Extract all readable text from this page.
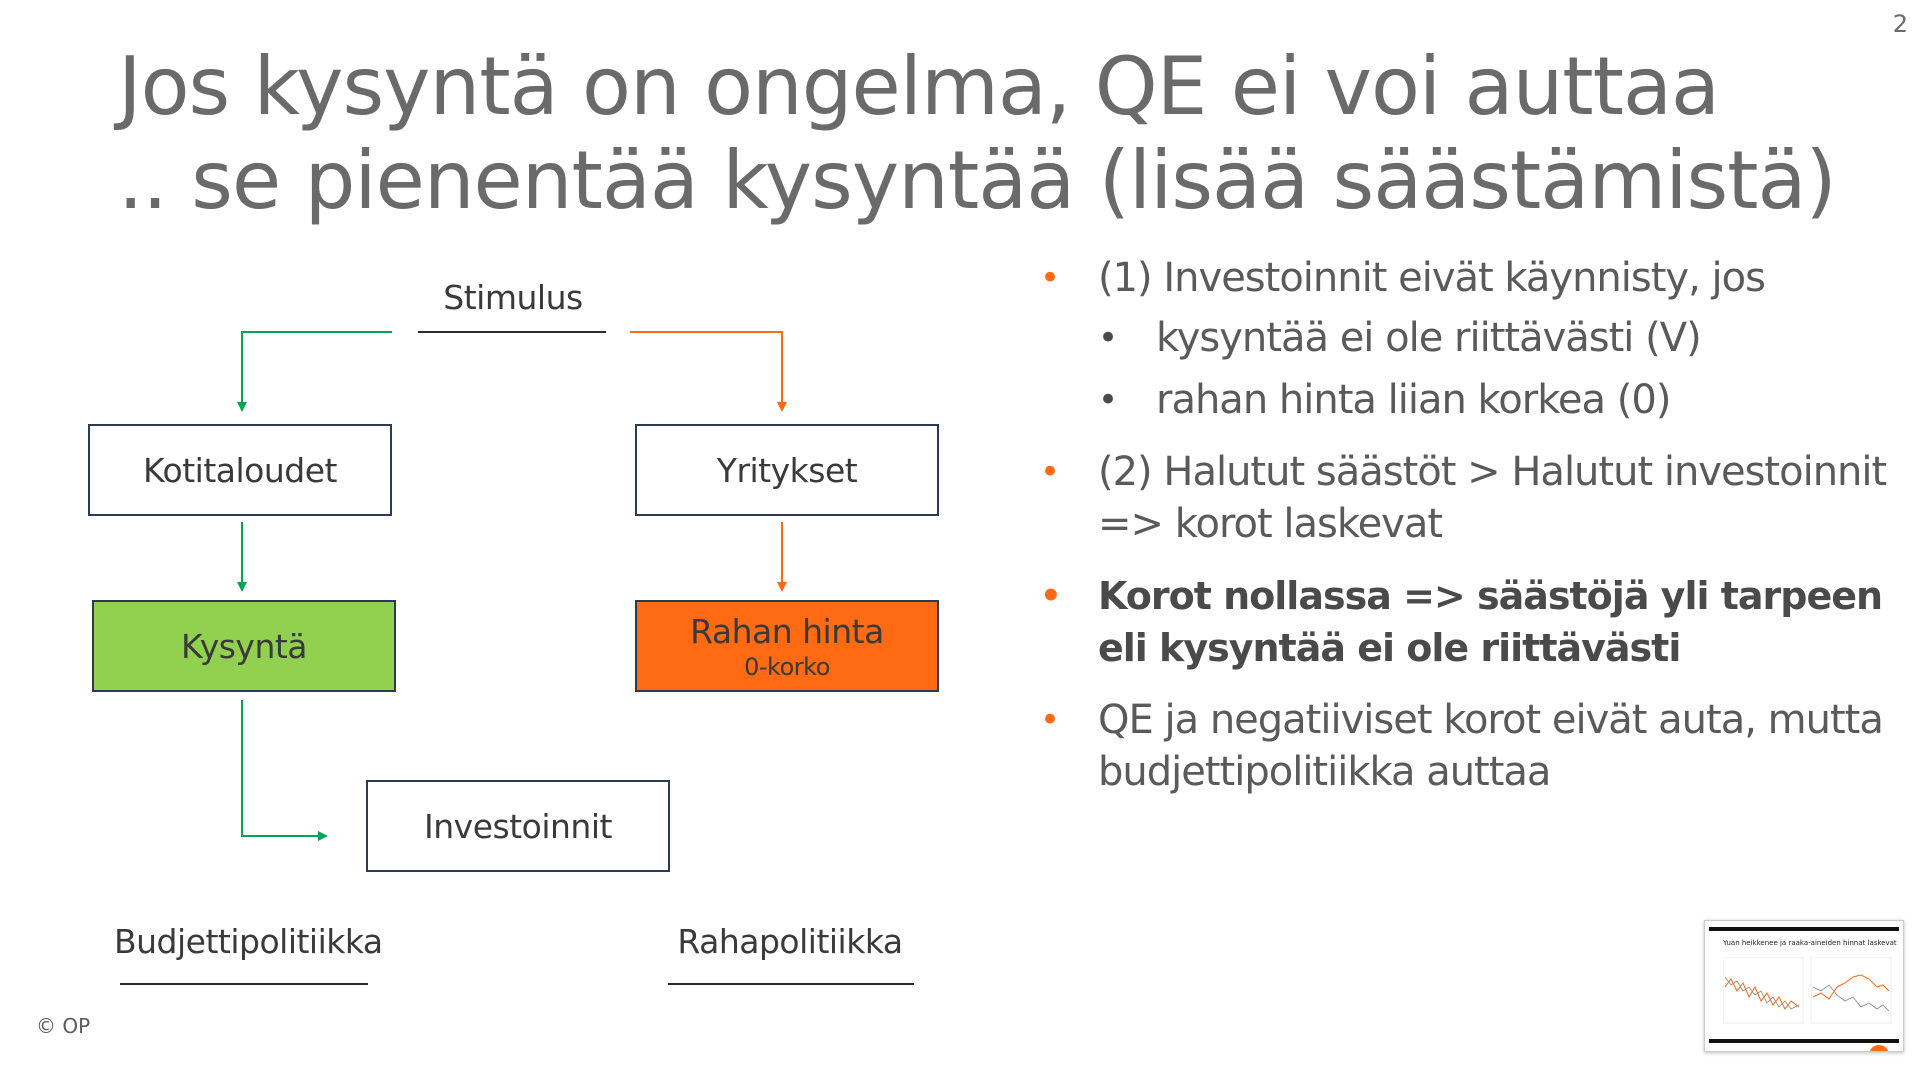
2
Jos kysyntä on ongelma, QE ei voi auttaa
.. se pienentää kysyntää (lisää säästämistä)
Stimulus
Kotitaloudet	Yritykset
Kysyntä	Rahan hinta
0-korko
Investoinnit
Budjettipolitiikka	Rahapolitiikka
• (1) Investoinnit eivät käynnisty, jos
• kysyntää ei ole riittävästi (V)
• rahan hinta liian korkea (0)
• (2) Halutut säästöt > Halutut investoinnit => korot laskevat
• Korot nollassa => säästöjä yli tarpeen eli kysyntää ei ole riittävästi
• QE ja negatiiviset korot eivät auta, mutta budjettipolitiikka auttaa
© OP
Yuan heikkenee ja raaka-aineiden hinnat laskevat
